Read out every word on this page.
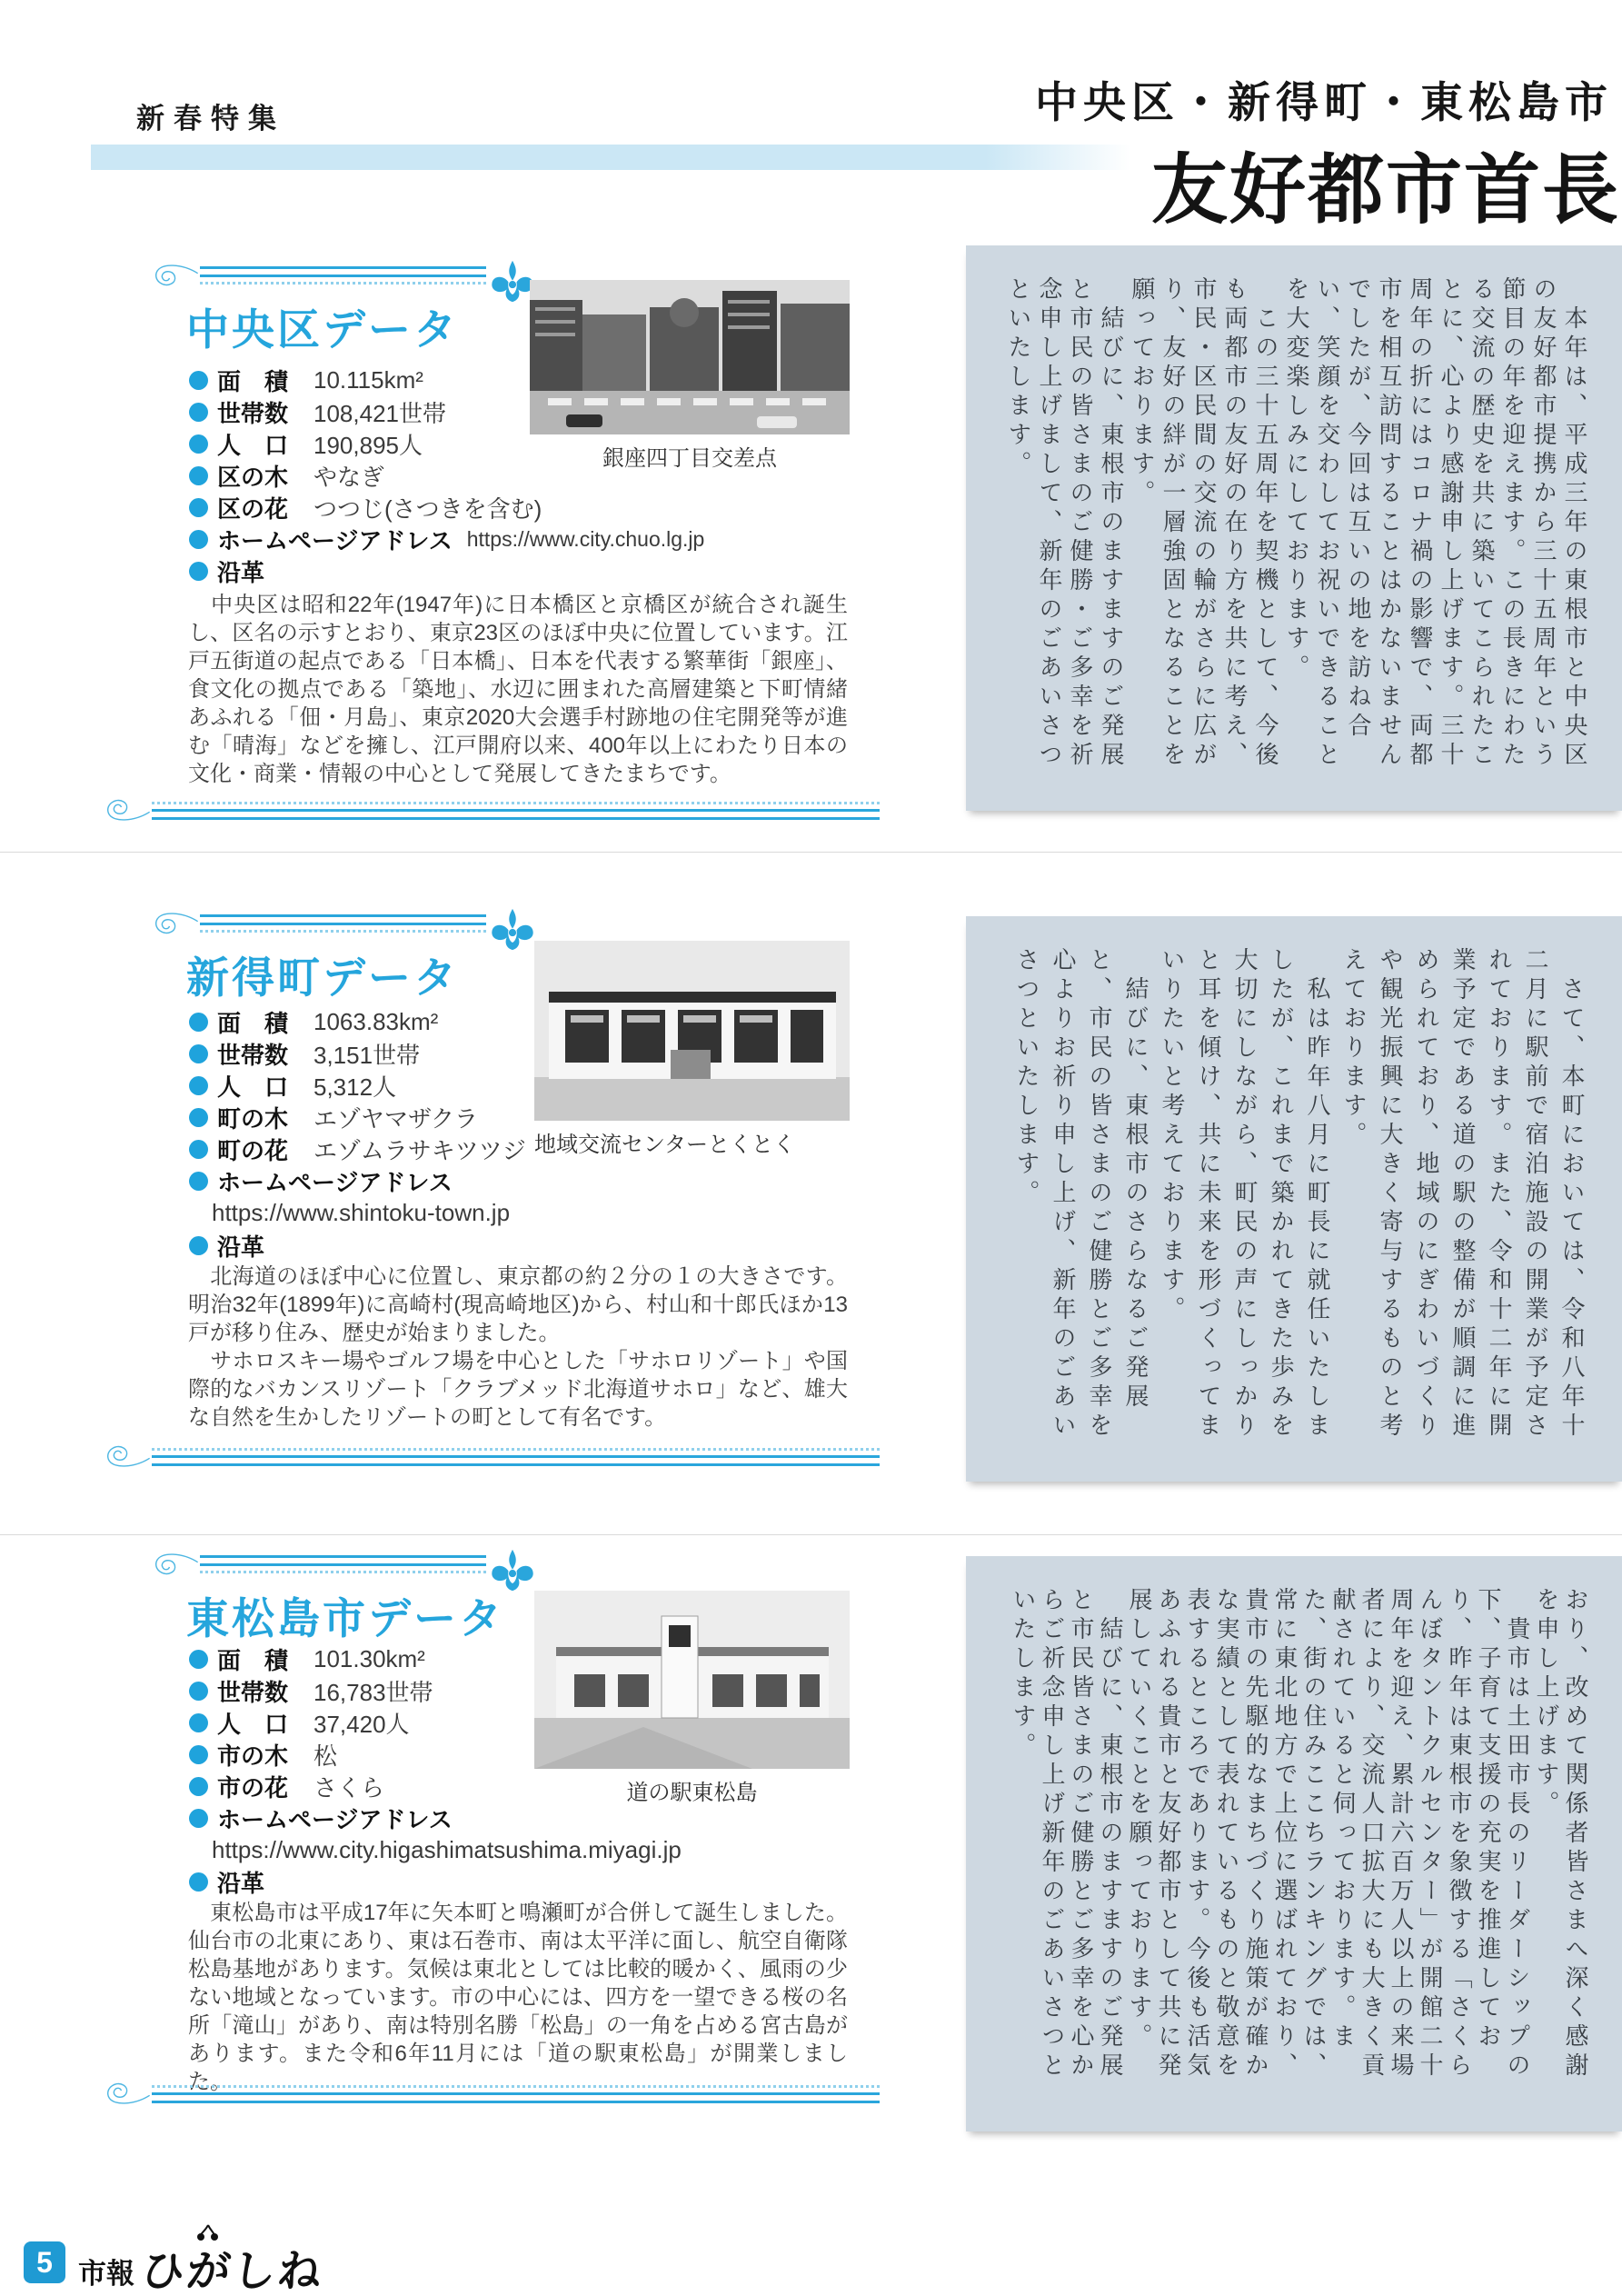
新春特集	中央区・新得町・東松島市
友好都市首長
中央区データ
面　積	10.115km²
世帯数	108,421世帯
人　口	190,895人
区の木	やなぎ
区の花	つつじ(さつきを含む)
ホームページアドレス https://www.city.chuo.lg.jp
沿革

　中央区は昭和22年(1947年)に日本橋区と京橋区が統合され誕生し、区名の示すとおり、東京23区のほぼ中央に位置しています。江戸五街道の起点である「日本橋」、日本を代表する繁華街「銀座」、食文化の拠点である「築地」、水辺に囲まれた高層建築と下町情緒あふれる「佃・月島」、東京2020大会選手村跡地の住宅開発等が進む「晴海」などを擁し、江戸開府以来、400年以上にわたり日本の文化・商業・情報の中心として発展してきたまちです。

銀座四丁目交差点	　本年は、平成三年の東根市と中央区の友好都市提携から三十五周年という節目の年を迎えます。この長きにわたる交流の歴史を共に築いてこられたことに、心より感謝申し上げます。三十周年の折にはコロナ禍の影響で、両都市を相互訪問することはかないませんでしたが、今回は互いの地を訪ね合い、笑顔を交わしてお祝いできることを大変楽しみにしております。

　この三十五周年を契機として、今後も両都市の友好の在り方を共に考え、市民・区民間の交流の輪がさらに広がり、友好の絆が一層強固となることを願っております。

　結びに、東根市のますますのご発展と市民の皆さまのご健勝・ご多幸を祈念申し上げまして、新年のごあいさつといたします。

新得町データ
面　積	1063.83km²
世帯数	3,151世帯
人　口	5,312人
町の木	エゾヤマザクラ
町の花	エゾムラサキツツジ
ホームページアドレス
https://www.shintoku-town.jp
沿革

　北海道のほぼ中心に位置し、東京都の約２分の１の大きさです。明治32年(1899年)に高崎村(現高崎地区)から、村山和十郎氏ほか13戸が移り住み、歴史が始まりました。

　サホロスキー場やゴルフ場を中心とした「サホロリゾート」や国際的なバカンスリゾート「クラブメッド北海道サホロ」など、雄大な自然を生かしたリゾートの町として有名です。

地域交流センターとくとく	　さて、本町においては、令和八年十二月に駅前で宿泊施設の開業が予定されております。また、令和十二年に開業予定である道の駅の整備が順調に進められており、地域のにぎわいづくりや観光振興に大きく寄与するものと考えております。

　私は昨年八月に町長に就任いたしましたが、これまで築かれてきた歩みを大切にしながら、町民の声にしっかりと耳を傾け、共に未来を形づくってまいりたいと考えております。

　結びに、東根市のさらなるご発展と、市民の皆さまのご健勝とご多幸を心よりお祈り申し上げ、新年のごあいさつといたします。

東松島市データ
面　積	101.30km²
世帯数	16,783世帯
人　口	37,420人
市の木	松
市の花	さくら
ホームページアドレス
https://www.city.higashimatsushima.miyagi.jp
沿革

　東松島市は平成17年に矢本町と鳴瀬町が合併して誕生しました。仙台市の北東にあり、東は石巻市、南は太平洋に面し、航空自衛隊松島基地があります。気候は東北としては比較的暖かく、風雨の少ない地域となっています。市の中心には、四方を一望できる桜の名所「滝山」があり、南は特別名勝「松島」の一角を占める宮古島があります。また令和6年11月には「道の駅東松島」が開業しました。

道の駅東松島	おり、改めて関係者皆さまへ深く感謝を申し上げます。

　貴市は土田市長のリーダーシップの下、子育て支援の充実を推進しており、昨年は東根市を象徴する「さくらんぼタントクルセンター」が開館二十周年を迎え、累計六百万人以上の来場者により、交流人口拡大にも大きく貢献されていると伺っております。また、街の住みここちランキングでは、常に東北地方で上位に選ばれており、貴市の先駆的なまちづくり施策が確かな実績として表れているものと敬意を表するところであります。今後も活気あふれる貴市と友好都市として共に発展していくことを願っております。

　結びに、東根市のますますのご発展と市民皆さまのご健勝とご多幸を心からご祈念申し上げ新年のごあいさつといたします。

5 市報 ひがしね
